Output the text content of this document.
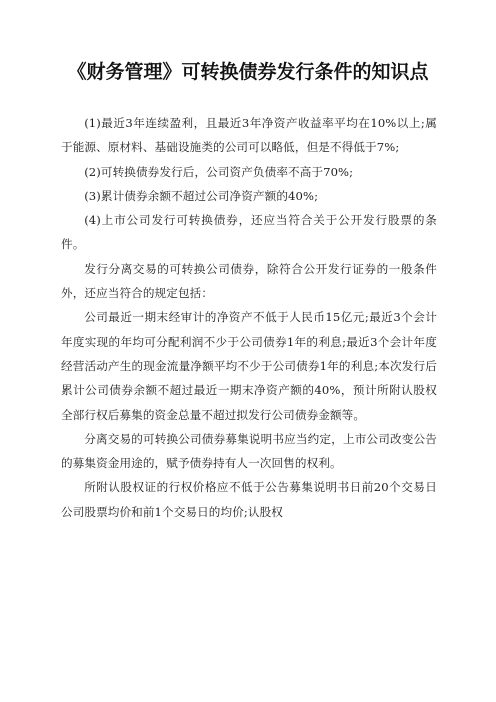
《财务管理》可转换债券发行条件的知识点

(1)最近3年连续盈利，且最近3年净资产收益率平均在10%以上;属于能源、原材料、基础设施类的公司可以略低，但是不得低于7%;

(2)可转换债券发行后，公司资产负债率不高于70%;

(3)累计债券余额不超过公司净资产额的40%;

(4)上市公司发行可转换债券，还应当符合关于公开发行股票的条件。

发行分离交易的可转换公司债券，除符合公开发行证券的一般条件外，还应当符合的规定包括：

公司最近一期末经审计的净资产不低于人民币15亿元;最近3个会计年度实现的年均可分配利润不少于公司债券1年的利息;最近3个会计年度经营活动产生的现金流量净额平均不少于公司债券1年的利息;本次发行后累计公司债券余额不超过最近一期末净资产额的40%，预计所附认股权全部行权后募集的资金总量不超过拟发行公司债券金额等。

分离交易的可转换公司债券募集说明书应当约定，上市公司改变公告的募集资金用途的，赋予债券持有人一次回售的权利。

所附认股权证的行权价格应不低于公告募集说明书日前20个交易日公司股票均价和前1个交易日的均价;认股权
